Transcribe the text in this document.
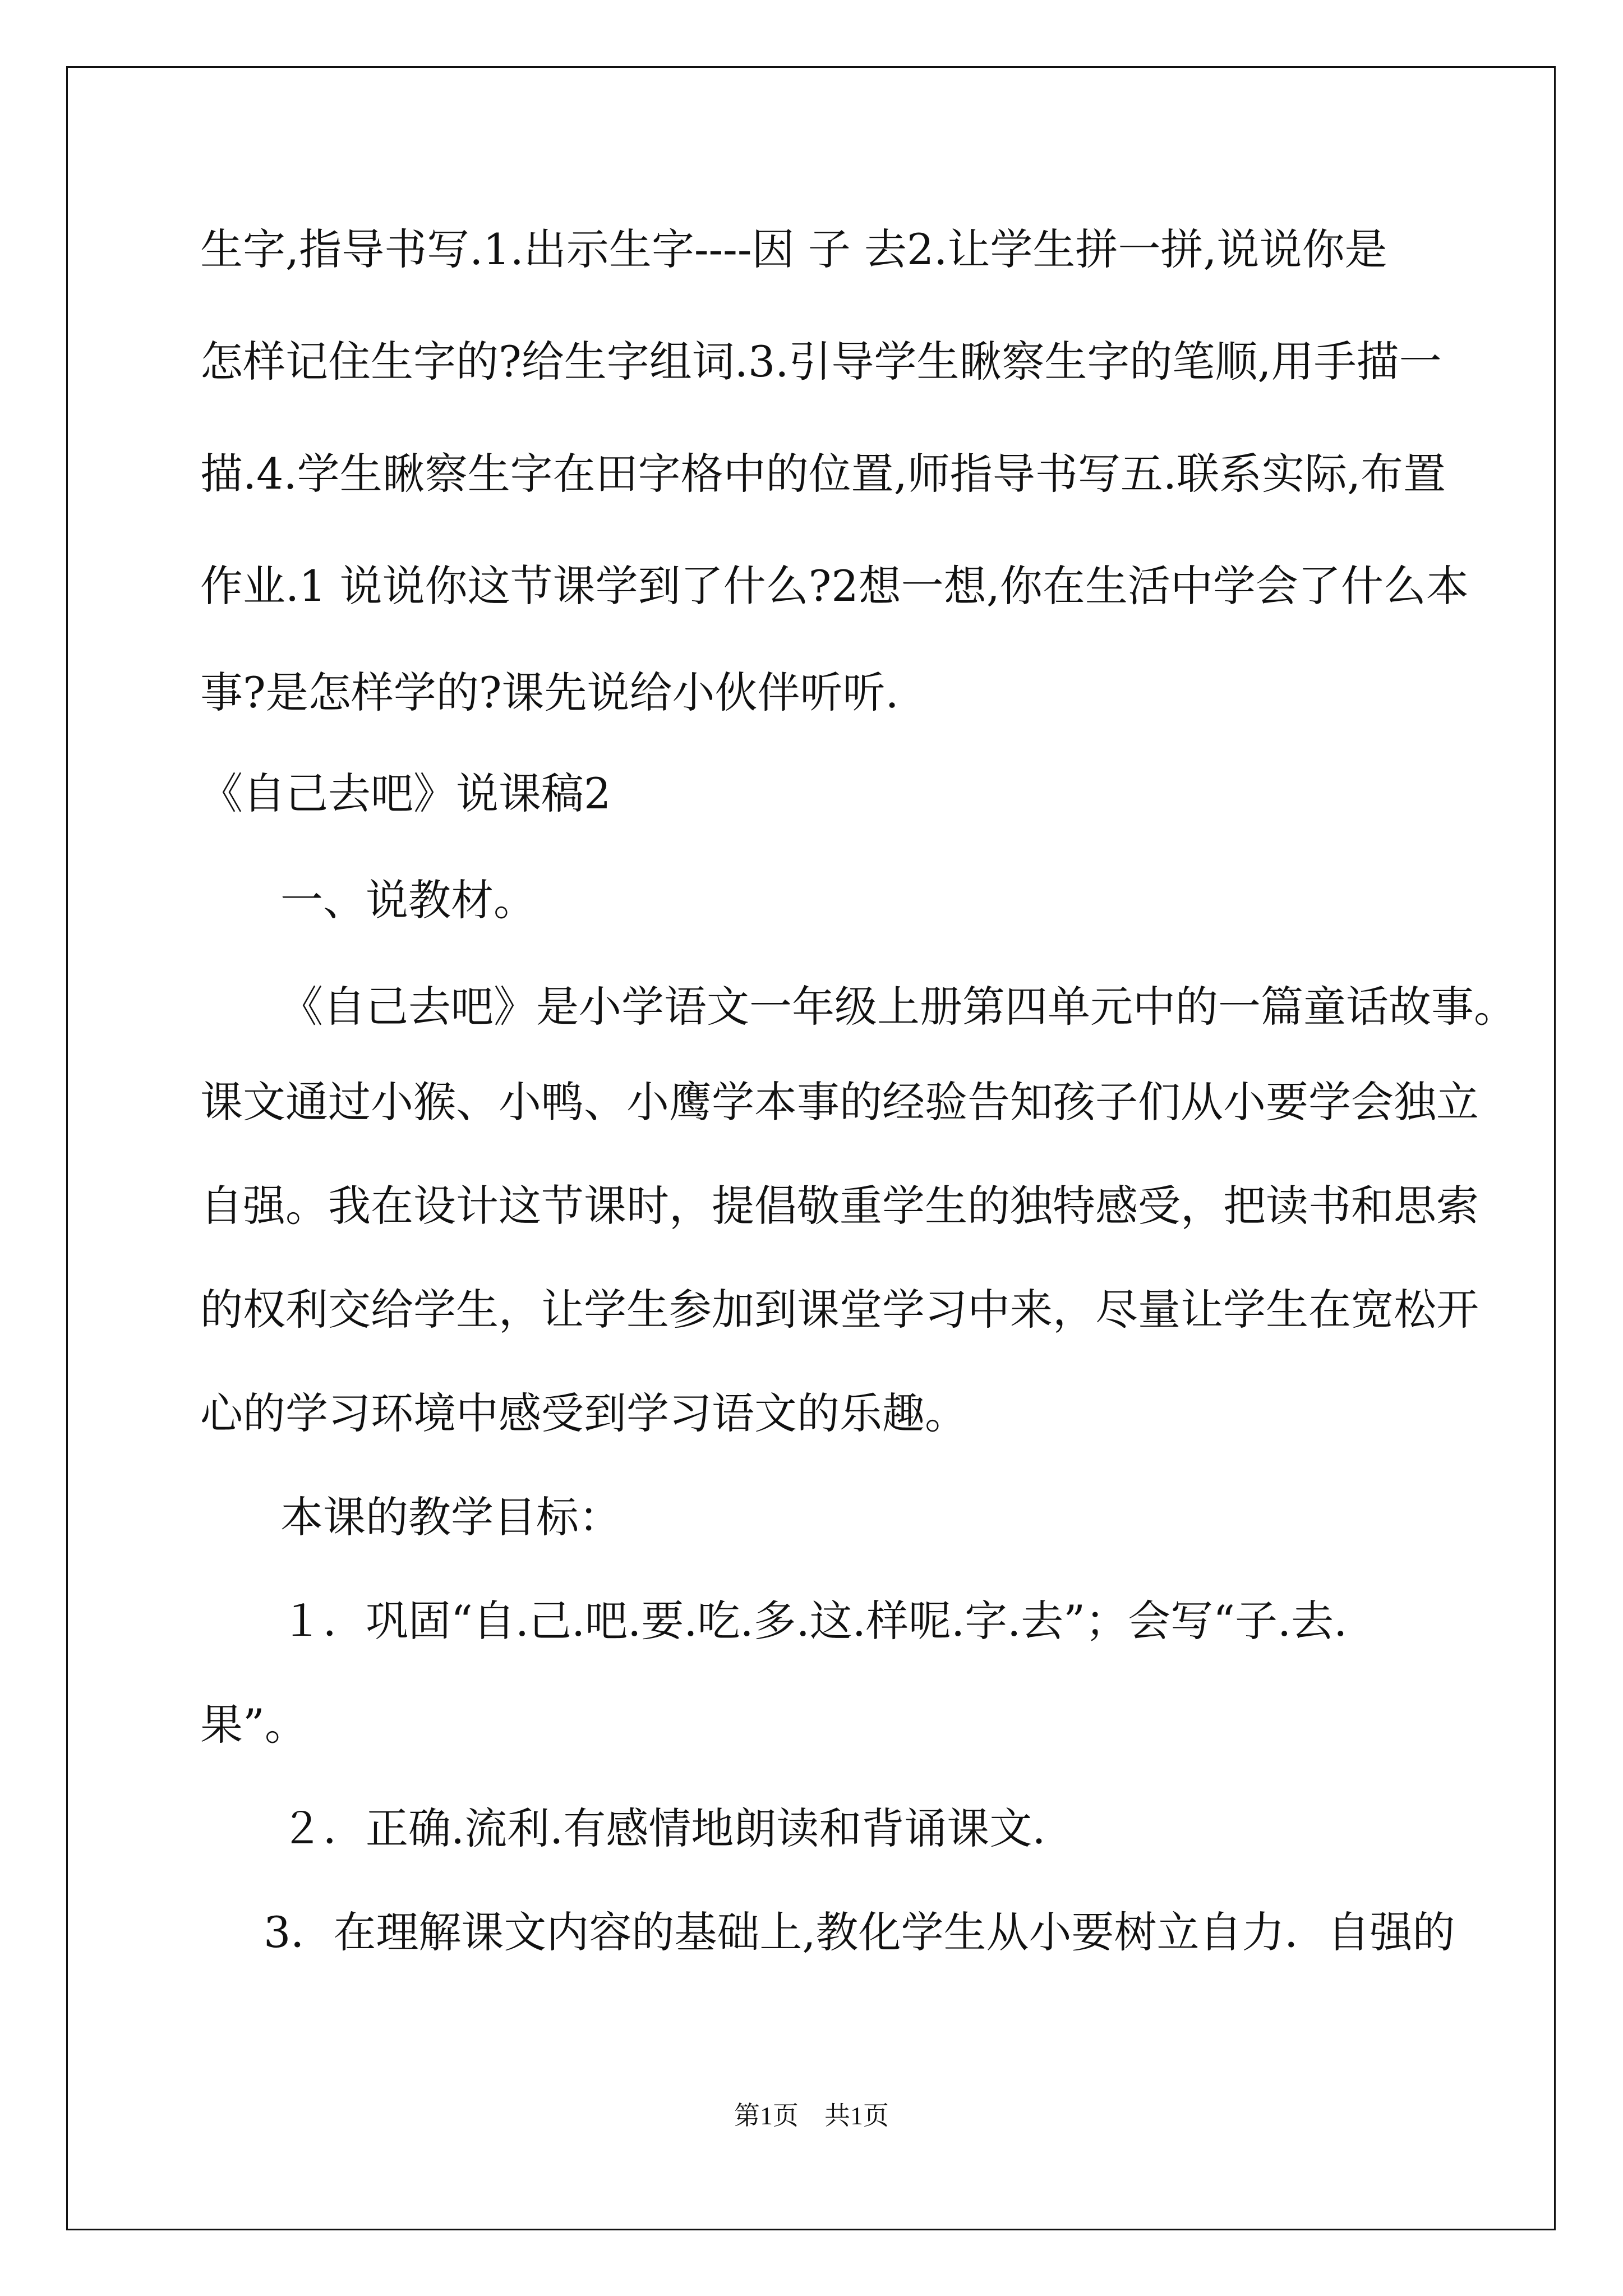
生字,指导书写.1.出示生字----因 子 去2.让学生拼一拼,说说你是

怎样记住生字的?给生字组词.3.引导学生瞅察生字的笔顺,用手描一

描.4.学生瞅察生字在田字格中的位置,师指导书写五.联系实际,布置

作业.1 说说你这节课学到了什么?2想一想,你在生活中学会了什么本

事?是怎样学的?课先说给小伙伴听听.

《自己去吧》说课稿2

一、说教材。

《自己去吧》是小学语文一年级上册第四单元中的一篇童话故事。

课文通过小猴、小鸭、小鹰学本事的经验告知孩子们从小要学会独立

自强。我在设计这节课时，提倡敬重学生的独特感受，把读书和思索

的权利交给学生，让学生参加到课堂学习中来，尽量让学生在宽松开

心的学习环境中感受到学习语文的乐趣。

本课的教学目标：

１．巩固“自.己.吧.要.吃.多.这.样呢.字.去”；会写“子.去.

果”。

２．正确.流利.有感情地朗读和背诵课文.

3．在理解课文内容的基础上,教化学生从小要树立自力．自强的

第1页　共1页
